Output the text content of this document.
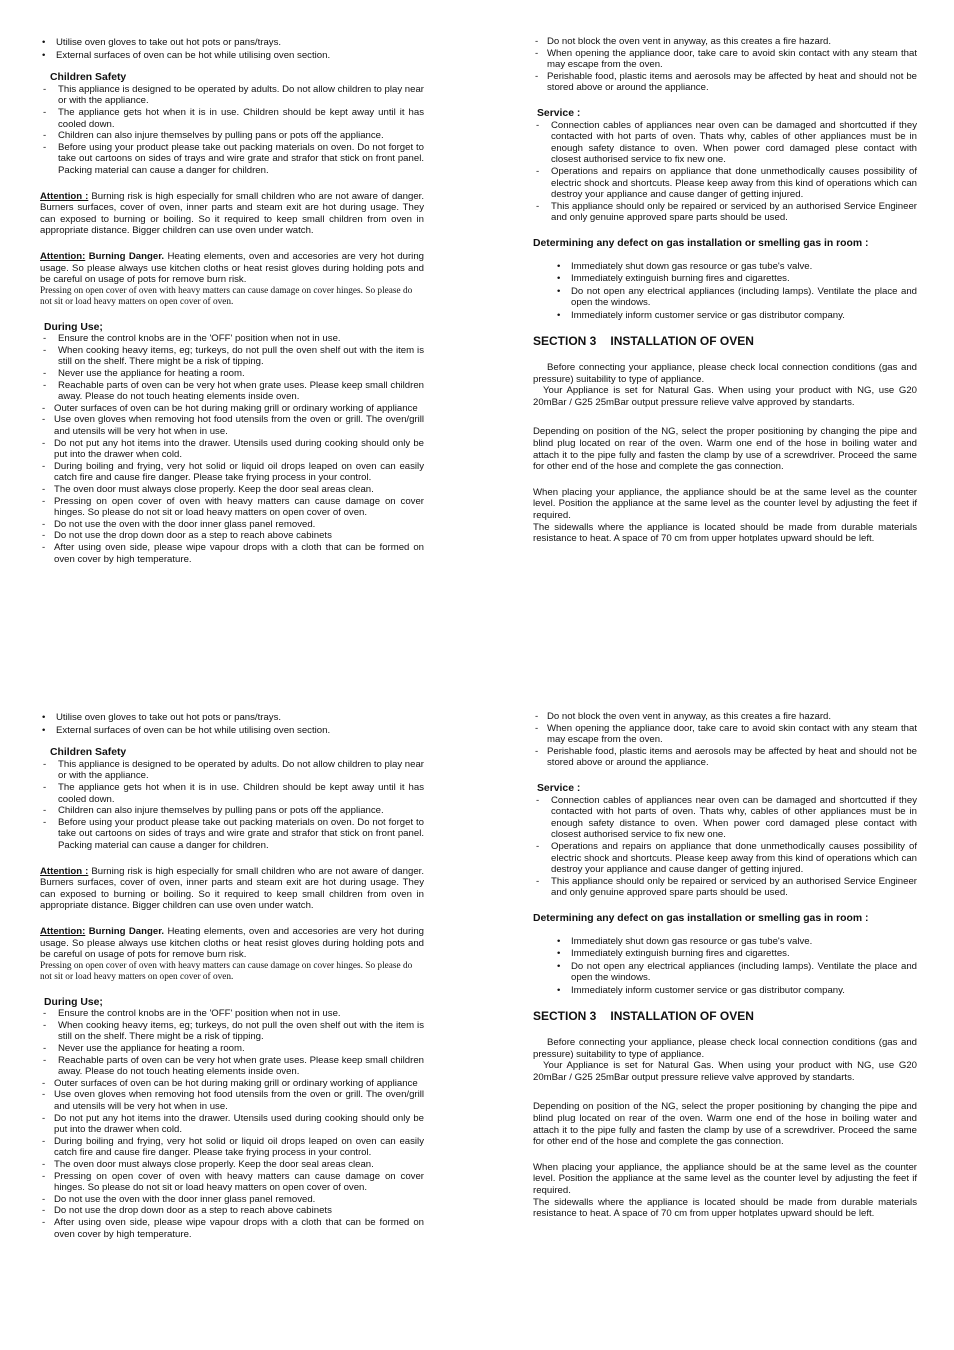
• Utilise oven gloves to take out hot pots or pans/trays.

• External surfaces of oven can be hot while utilising oven section.

Children Safety

- This appliance is designed to be operated by adults. Do not allow children to play near or with the appliance.

- The appliance gets hot when it is in use. Children should be kept away until it has cooled down.

- Children can also injure themselves by pulling pans or pots off the appliance.

- Before using your product please take out packing materials on oven. Do not forget to take out cartoons on sides of trays and wire grate and strafor that stick on front panel. Packing material can cause a danger for children.

Attention : Burning risk is high especially for small children who are not aware of danger. Burners surfaces, cover of oven, inner parts and steam exit are hot during usage. They can exposed to burning or boiling. So it required to keep small children from oven in appropriate distance. Bigger children can use oven under watch.

Attention: Burning Danger. Heating elements, oven and accesories are very hot during usage. So please always use kitchen cloths or heat resist gloves during holding pots and be careful on usage of pots for remove burn risk.

Pressing on open cover of oven with heavy matters can cause damage on cover hinges. So please do not sit or load heavy matters on open cover of oven.

During Use;

- Ensure the control knobs are in the 'OFF' position when not in use.

- When cooking heavy items, eg; turkeys, do not pull the oven shelf out with the item is still on the shelf. There might be a risk of tipping.

- Never use the appliance for heating a room.

- Reachable parts of oven can be very hot when grate uses. Please keep small children away. Please do not touch heating elements inside oven.

- Outer surfaces of oven can be hot during making grill or ordinary working of appliance

- Use oven gloves when removing hot food utensils from the oven or grill. The oven/grill and utensils will be very hot when in use.

- Do not put any hot items into the drawer. Utensils used during cooking should only be put into the drawer when cold.

- During boiling and frying, very hot solid or liquid oil drops leaped on oven can easily catch fire and cause fire danger. Please take frying process in your control.

- The oven door must always close properly. Keep the door seal areas clean.

- Pressing on open cover of oven with heavy matters can cause damage on cover hinges. So please do not sit or load heavy matters on open cover of oven.

- Do not use the oven with the door inner glass panel removed.

- Do not use the drop down door as a step to reach above cabinets

- After using oven side, please wipe vapour drops with a cloth that can be formed on oven cover by high temperature.

- Do not block the oven vent in anyway, as this creates a fire hazard.

- When opening the appliance door, take care to avoid skin contact with any steam that may escape from the oven.

- Perishable food, plastic items and aerosols may be affected by heat and should not be stored above or around the appliance.

Service :

- Connection cables of appliances near oven can be damaged and shortcutted if they contacted with hot parts of oven. Thats why, cables of other appliances must be in enough safety distance to oven. When power cord damaged plese contact with closest authorised service to fix new one.

- Operations and repairs on appliance that done unmethodically causes possibility of electric shock and shortcuts. Please keep away from this kind of operations which can destroy your appliance and cause danger of getting injured.

- This appliance should only be repaired or serviced by an authorised Service Engineer and only genuine approved spare parts should be used.

Determining any defect on gas installation or smelling gas in room :

• Immediately shut down gas resource or gas tube's valve.

• Immediately extinguish burning fires and cigarettes.

• Do not open any electrical appliances (including lamps). Ventilate the place and open the windows.

• Immediately inform customer service or gas distributor company.

SECTION 3 INSTALLATION OF OVEN

Before connecting your appliance, please check local connection conditions (gas and pressure) suitability to type of appliance.

Your Appliance is set for Natural Gas. When using your product with NG, use G20 20mBar / G25 25mBar output pressure relieve valve approved by standarts.

Depending on position of the NG, select the proper positioning by changing the pipe and blind plug located on rear of the oven. Warm one end of the hose in boiling water and attach it to the pipe fully and fasten the clamp by use of a screwdriver. Proceed the same for other end of the hose and complete the gas connection.

When placing your appliance, the appliance should be at the same level as the counter level. Position the appliance at the same level as the counter level by adjusting the feet if required.

The sidewalls where the appliance is located should be made from durable materials resistance to heat. A space of 70 cm from upper hotplates upward should be left.

• Utilise oven gloves to take out hot pots or pans/trays.

• External surfaces of oven can be hot while utilising oven section.

Children Safety

- This appliance is designed to be operated by adults. Do not allow children to play near or with the appliance.

- The appliance gets hot when it is in use. Children should be kept away until it has cooled down.

- Children can also injure themselves by pulling pans or pots off the appliance.

- Before using your product please take out packing materials on oven. Do not forget to take out cartoons on sides of trays and wire grate and strafor that stick on front panel. Packing material can cause a danger for children.

Attention : Burning risk is high especially for small children who are not aware of danger. Burners surfaces, cover of oven, inner parts and steam exit are hot during usage. They can exposed to burning or boiling. So it required to keep small children from oven in appropriate distance. Bigger children can use oven under watch.

Attention: Burning Danger. Heating elements, oven and accesories are very hot during usage. So please always use kitchen cloths or heat resist gloves during holding pots and be careful on usage of pots for remove burn risk.

Pressing on open cover of oven with heavy matters can cause damage on cover hinges. So please do not sit or load heavy matters on open cover of oven.

During Use;

- Ensure the control knobs are in the 'OFF' position when not in use.

- When cooking heavy items, eg; turkeys, do not pull the oven shelf out with the item is still on the shelf. There might be a risk of tipping.

- Never use the appliance for heating a room.

- Reachable parts of oven can be very hot when grate uses. Please keep small children away. Please do not touch heating elements inside oven.

- Outer surfaces of oven can be hot during making grill or ordinary working of appliance

- Use oven gloves when removing hot food utensils from the oven or grill. The oven/grill and utensils will be very hot when in use.

- Do not put any hot items into the drawer. Utensils used during cooking should only be put into the drawer when cold.

- During boiling and frying, very hot solid or liquid oil drops leaped on oven can easily catch fire and cause fire danger. Please take frying process in your control.

- The oven door must always close properly. Keep the door seal areas clean.

- Pressing on open cover of oven with heavy matters can cause damage on cover hinges. So please do not sit or load heavy matters on open cover of oven.

- Do not use the oven with the door inner glass panel removed.

- Do not use the drop down door as a step to reach above cabinets

- After using oven side, please wipe vapour drops with a cloth that can be formed on oven cover by high temperature.

- Do not block the oven vent in anyway, as this creates a fire hazard.

- When opening the appliance door, take care to avoid skin contact with any steam that may escape from the oven.

- Perishable food, plastic items and aerosols may be affected by heat and should not be stored above or around the appliance.

Service :

- Connection cables of appliances near oven can be damaged and shortcutted if they contacted with hot parts of oven. Thats why, cables of other appliances must be in enough safety distance to oven. When power cord damaged plese contact with closest authorised service to fix new one.

- Operations and repairs on appliance that done unmethodically causes possibility of electric shock and shortcuts. Please keep away from this kind of operations which can destroy your appliance and cause danger of getting injured.

- This appliance should only be repaired or serviced by an authorised Service Engineer and only genuine approved spare parts should be used.

Determining any defect on gas installation or smelling gas in room :

• Immediately shut down gas resource or gas tube's valve.

• Immediately extinguish burning fires and cigarettes.

• Do not open any electrical appliances (including lamps). Ventilate the place and open the windows.

• Immediately inform customer service or gas distributor company.

SECTION 3 INSTALLATION OF OVEN

Before connecting your appliance, please check local connection conditions (gas and pressure) suitability to type of appliance.

Your Appliance is set for Natural Gas. When using your product with NG, use G20 20mBar / G25 25mBar output pressure relieve valve approved by standarts.

Depending on position of the NG, select the proper positioning by changing the pipe and blind plug located on rear of the oven. Warm one end of the hose in boiling water and attach it to the pipe fully and fasten the clamp by use of a screwdriver. Proceed the same for other end of the hose and complete the gas connection.

When placing your appliance, the appliance should be at the same level as the counter level. Position the appliance at the same level as the counter level by adjusting the feet if required.

The sidewalls where the appliance is located should be made from durable materials resistance to heat. A space of 70 cm from upper hotplates upward should be left.
